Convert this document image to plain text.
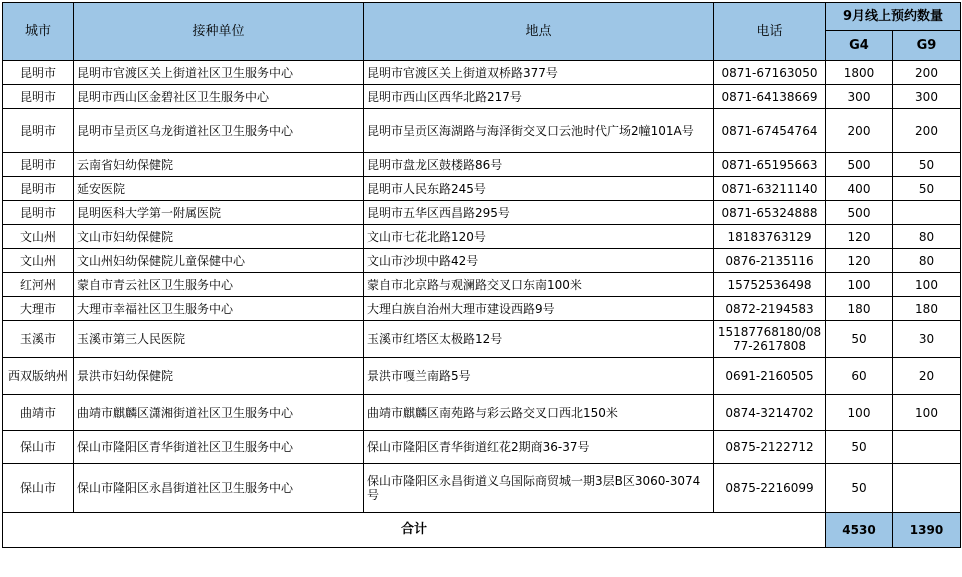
城市	接种单位	地点	电话	9月线上预约数量	
				G4	G9
昆明市	昆明市官渡区关上街道社区卫生服务中心	昆明市官渡区关上街道双桥路377号	0871-67163050	1800	200
昆明市	昆明市西山区金碧社区卫生服务中心	昆明市西山区西华北路217号	0871-64138669	300	300
昆明市	昆明市呈贡区乌龙街道社区卫生服务中心	昆明市呈贡区海湖路与海泽街交叉口云池时代广场2幢101A号	0871-67454764	200	200
昆明市	云南省妇幼保健院	昆明市盘龙区鼓楼路86号	0871-65195663	500	50
昆明市	延安医院	昆明市人民东路245号	0871-63211140	400	50
昆明市	昆明医科大学第一附属医院	昆明市五华区西昌路295号	0871-65324888	500	
文山州	文山市妇幼保健院	文山市七花北路120号	18183763129	120	80
文山州	文山州妇幼保健院儿童保健中心	文山市沙坝中路42号	0876-2135116	120	80
红河州	蒙自市青云社区卫生服务中心	蒙自市北京路与观澜路交叉口东南100米	15752536498	100	100
大理市	大理市幸福社区卫生服务中心	大理白族自治州大理市建设西路9号	0872-2194583	180	180
玉溪市	玉溪市第三人民医院	玉溪市红塔区太极路12号	15187768180/0877-2617808	50	30
西双版纳州	景洪市妇幼保健院	景洪市嘎兰南路5号	0691-2160505	60	20
曲靖市	曲靖市麒麟区潇湘街道社区卫生服务中心	曲靖市麒麟区南苑路与彩云路交叉口西北150米	0874-3214702	100	100
保山市	保山市隆阳区青华街道社区卫生服务中心	保山市隆阳区青华街道红花2期商36-37号	0875-2122712	50	
保山市	保山市隆阳区永昌街道社区卫生服务中心	保山市隆阳区永昌街道义乌国际商贸城一期3层B区3060-3074号	0875-2216099	50	
合计				4530	1390
